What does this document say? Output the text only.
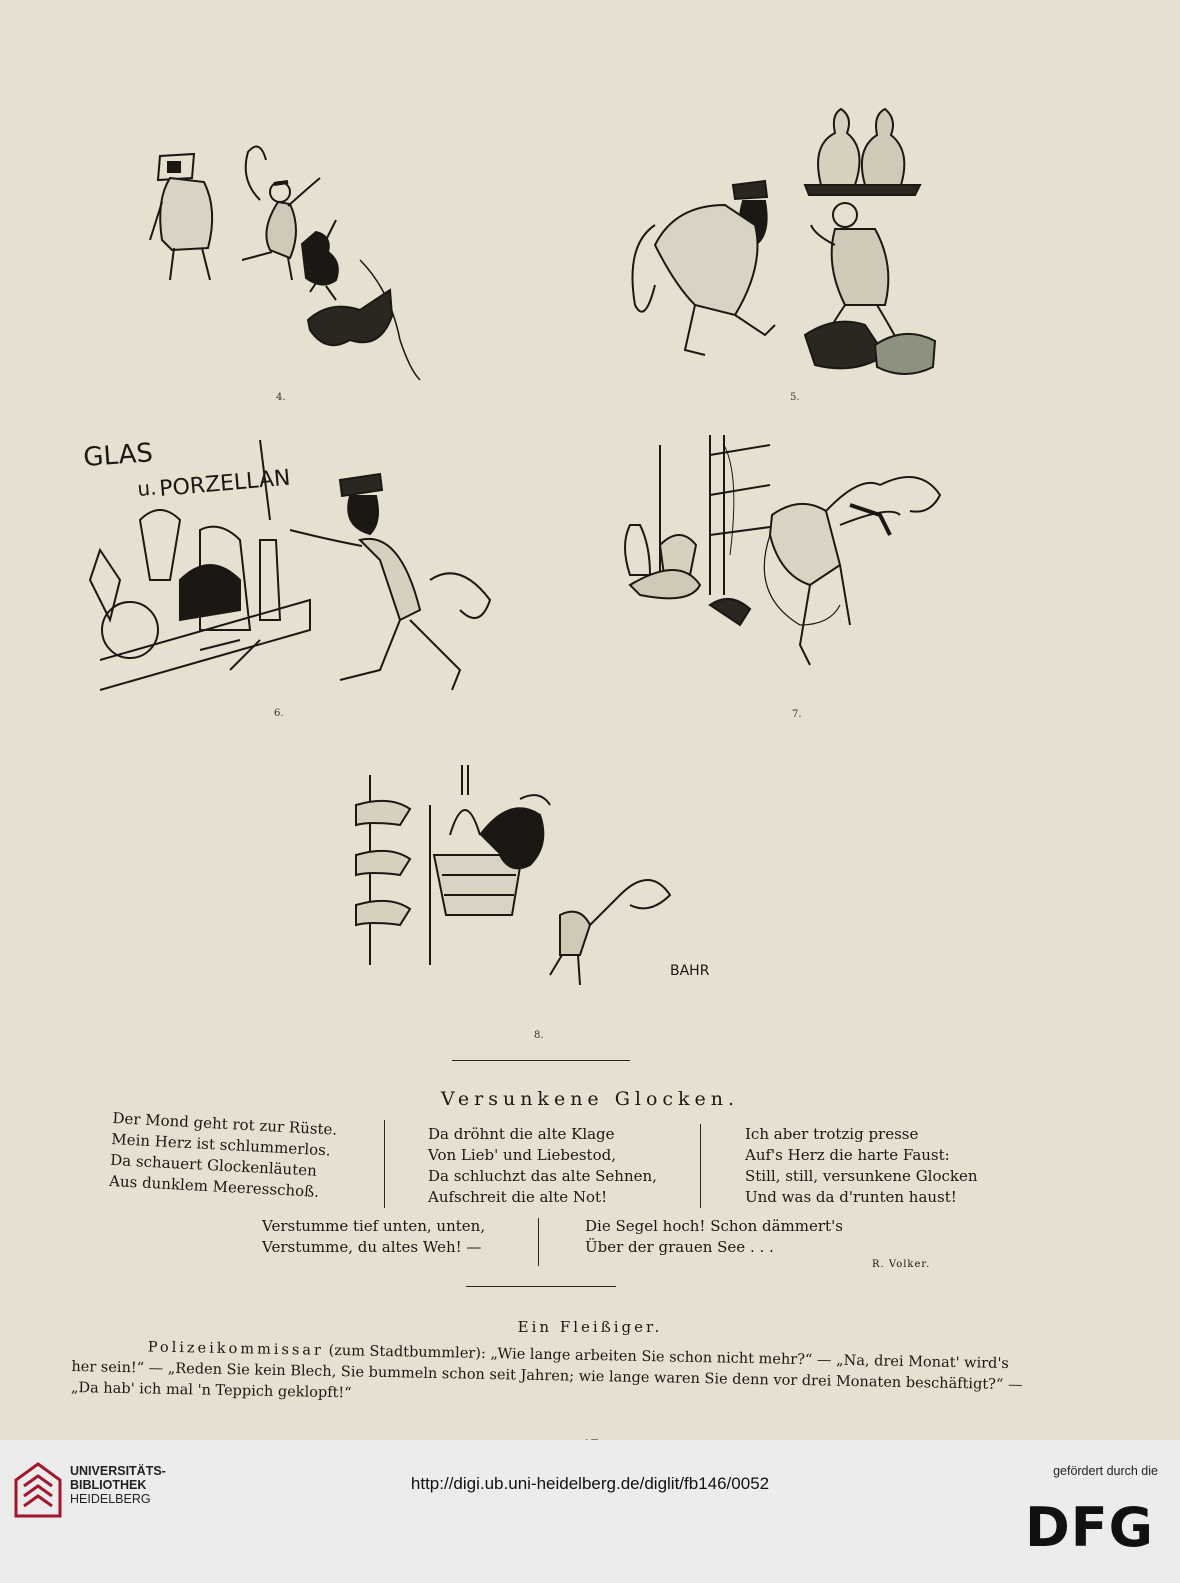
4.	5.
GLAS
u. PORZELLAN
6.	7.
BAHR
8.
Versunkene Glocken.
Der Mond geht rot zur Rüste.
Mein Herz ist schlummerlos.
Da schauert Glockenläuten
Aus dunklem Meeresschoß.
Da dröhnt die alte Klage
Von Lieb' und Liebestod,
Da schluchzt das alte Sehnen,
Aufschreit die alte Not!
Ich aber trotzig presse
Auf's Herz die harte Faust:
Still, still, versunkene Glocken
Und was da d'runten haust!
Verstumme tief unten, unten,
Verstumme, du altes Weh! —
Die Segel hoch! Schon dämmert's
Über der grauen See . . .
R. Volker.
Ein Fleißiger.
Polizeikommissar (zum Stadtbummler): „Wie lange arbeiten Sie schon nicht mehr?“ — „Na, drei Monat' wird's her sein!“ — „Reden Sie kein Blech, Sie bummeln schon seit Jahren; wie lange waren Sie denn vor drei Monaten beschäftigt?“ — „Da hab' ich mal 'n Teppich geklopft!“
UNIVERSITÄTS-
BIBLIOTHEK
HEIDELBERG
http://digi.ub.uni-heidelberg.de/diglit/fb146/0052
gefördert durch die
DFG
